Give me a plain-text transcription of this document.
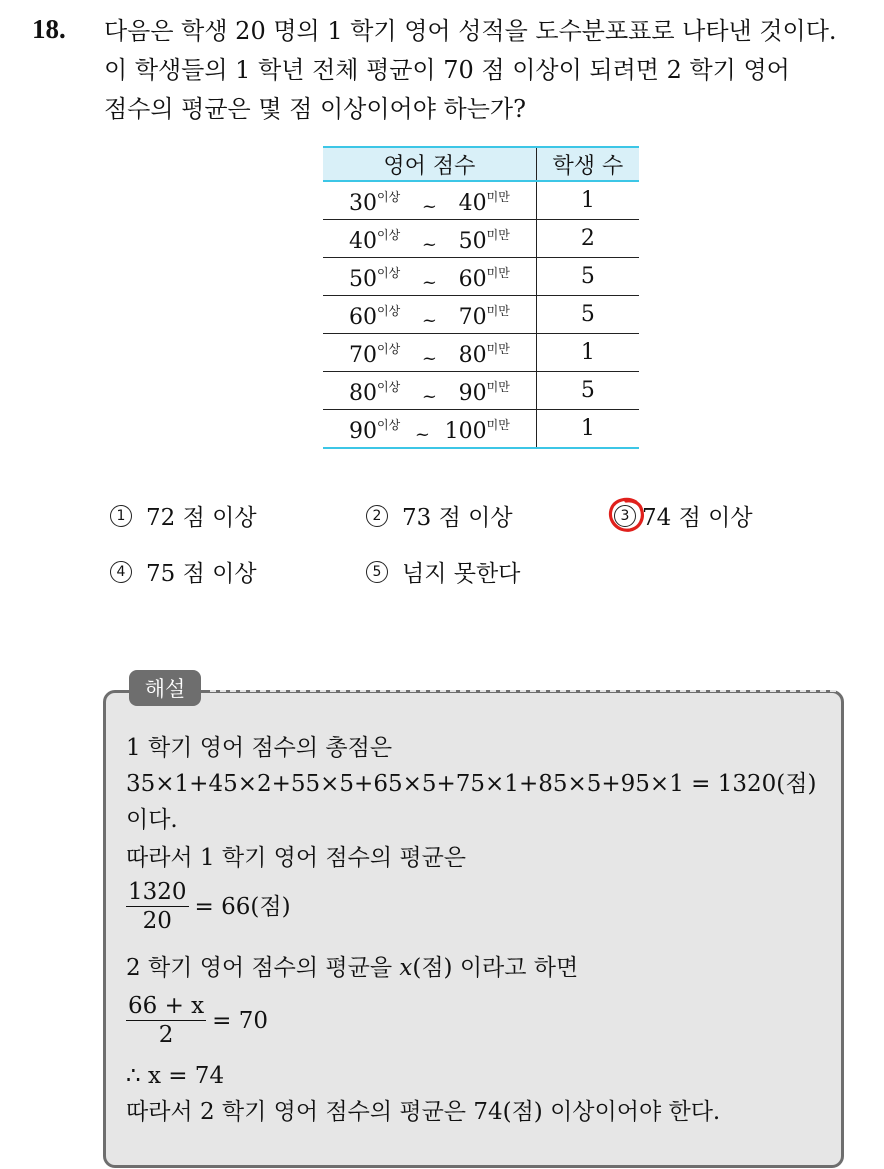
18. 다음은 학생 20 명의 1 학기 영어 성적을 도수분포표로 나타낸 것이다.
이 학생들의 1 학년 전체 평균이 70 점 이상이 되려면 2 학기 영어
점수의 평균은 몇 점 이상이어야 하는가?
영어 점수	학생 수

$30^{이상}$ ~ $40^{미만}$	1

$40^{이상}$ ~ $50^{미만}$	2

$50^{이상}$ ~ $60^{미만}$	5

$60^{이상}$ ~ $70^{미만}$	5

$70^{이상}$ ~ $80^{미만}$	1

$80^{이상}$ ~ $90^{미만}$	5

$90^{이상}$ ~ $100^{미만}$	1
1 72 점 이상	2 73 점 이상	3 74 점 이상
4 75 점 이상	5 넘지 못한다
해설
1 학기 영어 점수의 총점은
35×1+45×2+55×5+65×5+75×1+85×5+95×1 = 1320(점)
이다.
따라서 1 학기 영어 점수의 평균은
$\frac{1320}{20} = 66$(점)
2 학기 영어 점수의 평균을 x(점) 이라고 하면
$\frac{66 + x}{2} = 70$
∴ x = 74
따라서 2 학기 영어 점수의 평균은 74(점) 이상이어야 한다.
